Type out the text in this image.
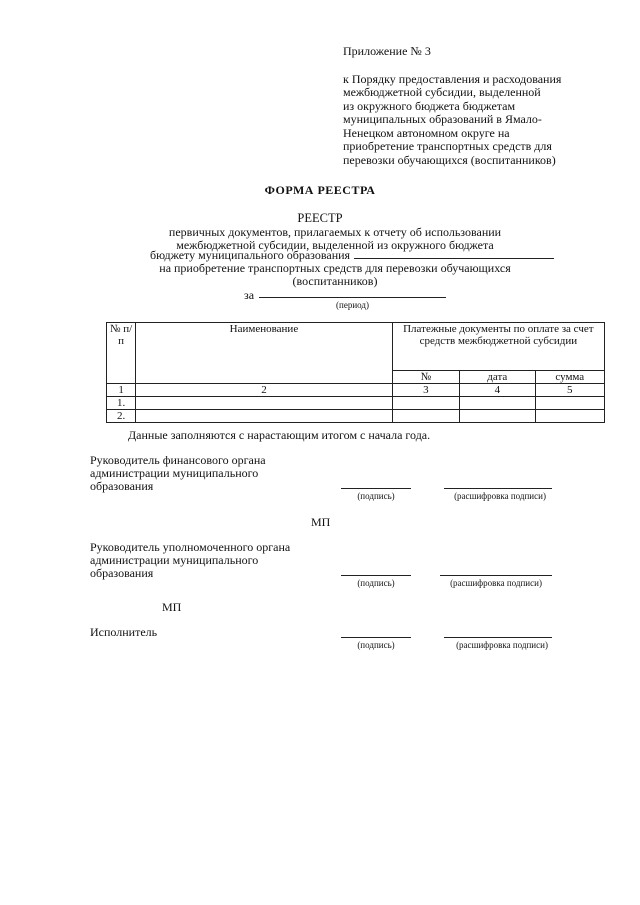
Приложение № 3
к Порядку предоставления и расходования
межбюджетной субсидии, выделенной
из окружного бюджета бюджетам
муниципальных образований в Ямало-
Ненецком автономном округе на
приобретение транспортных средств для
перевозки обучающихся (воспитанников)
ФОРМА РЕЕСТРА
РЕЕСТР
первичных документов, прилагаемых к отчету об использовании
межбюджетной субсидии, выделенной из окружного бюджета
бюджету муниципального образования
на приобретение транспортных средств для перевозки обучающихся
(воспитанников)
за
(период)
№ п/п	Наименование	Платежные документы по оплате за счет средств межбюджетной субсидии		
		№	дата	сумма
1	2	3	4	5
1.				
2.				
Данные заполняются с нарастающим итогом с начала года.
Руководитель финансового органа администрации муниципального образования
(подпись)	(расшифровка подписи)
МП
Руководитель уполномоченного органа администрации муниципального образования
(подпись)	(расшифровка подписи)
МП
Исполнитель
(подпись)	(расшифровка подписи)
